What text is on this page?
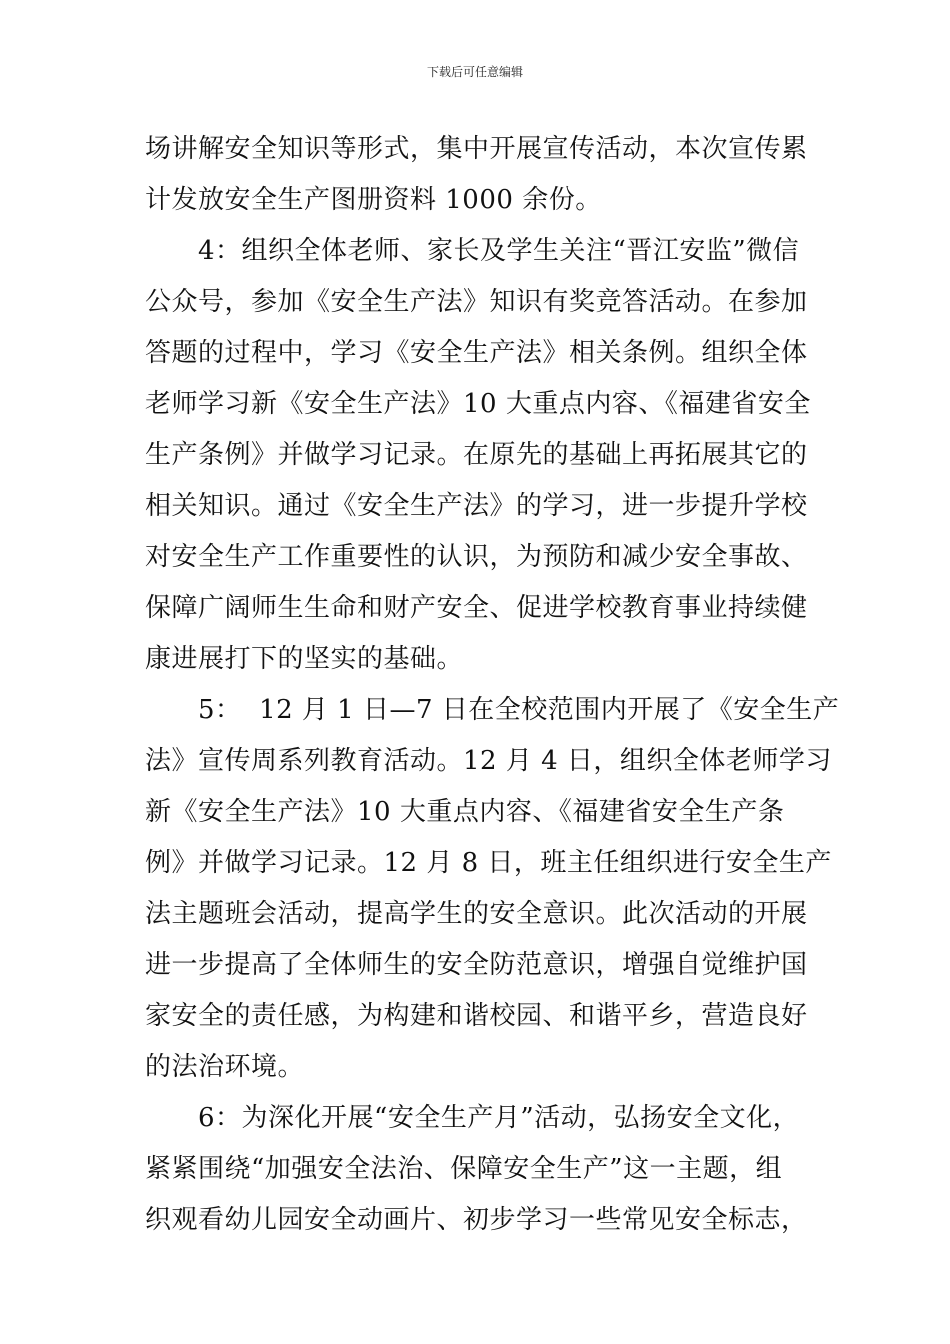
下载后可任意编辑
场讲解安全知识等形式，集中开展宣传活动，本次宣传累
计发放安全生产图册资料 1000 余份。
　　4：组织全体老师、家长及学生关注“晋江安监”微信
公众号，参加《安全生产法》知识有奖竞答活动。在参加
答题的过程中，学习《安全生产法》相关条例。组织全体
老师学习新《安全生产法》10 大重点内容、《福建省安全
生产条例》并做学习记录。在原先的基础上再拓展其它的
相关知识。通过《安全生产法》的学习，进一步提升学校
对安全生产工作重要性的认识，为预防和减少安全事故、
保障广阔师生生命和财产安全、促进学校教育事业持续健
康进展打下的坚实的基础。
　　5：  12 月 1 日—7 日在全校范围内开展了《安全生产
法》宣传周系列教育活动。12 月 4 日，组织全体老师学习
新《安全生产法》10 大重点内容、《福建省安全生产条
例》并做学习记录。12 月 8 日，班主任组织进行安全生产
法主题班会活动，提高学生的安全意识。此次活动的开展
进一步提高了全体师生的安全防范意识，增强自觉维护国
家安全的责任感，为构建和谐校园、和谐平乡，营造良好
的法治环境。
　　6：为深化开展“安全生产月”活动，弘扬安全文化，
紧紧围绕“加强安全法治、保障安全生产”这一主题，组
织观看幼儿园安全动画片、初步学习一些常见安全标志，
